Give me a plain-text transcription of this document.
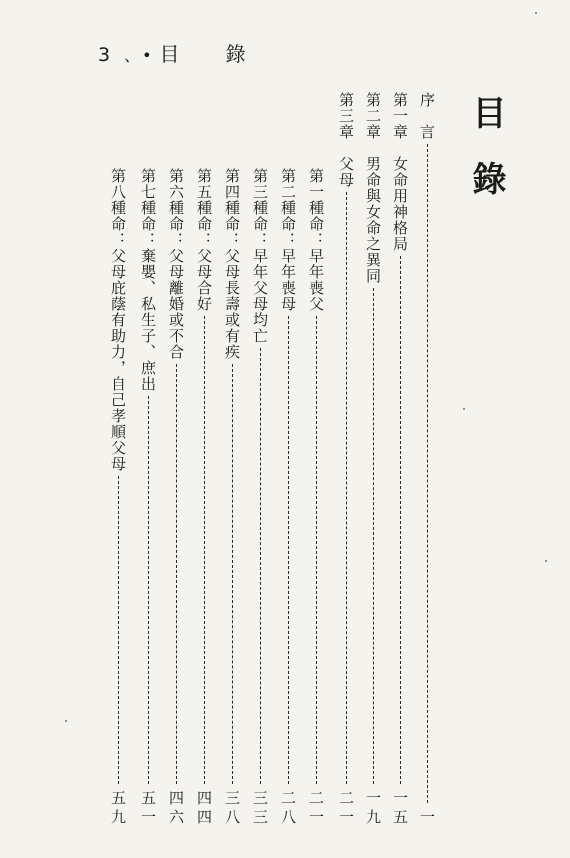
3 、• 目 錄
目錄
序　言
一
第一章　女命用神格局
一五
第二章　男命與女命之異同
一九
第三章　父母
二一
第一種命：早年喪父
二一
第二種命：早年喪母
二八
第三種命：早年父母均亡
三三
第四種命：父母長壽或有疾
三八
第五種命：父母合好
四四
第六種命：父母離婚或不合
四六
第七種命：棄嬰、私生子、庶出
五一
第八種命：父母庇蔭有助力，自己孝順父母
五九
